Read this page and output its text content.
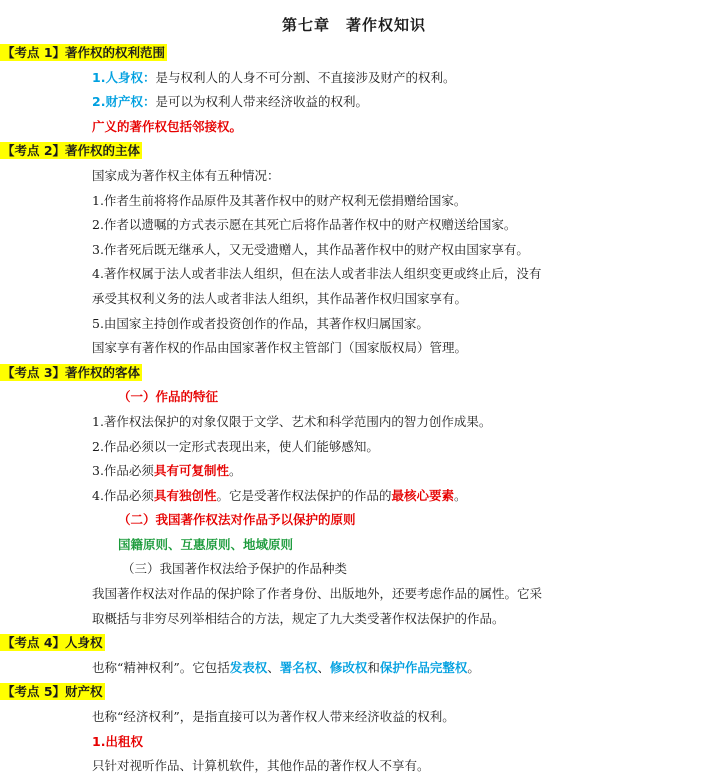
第七章　著作权知识
【考点 1】著作权的权利范围
1.人身权：是与权利人的人身不可分割、不直接涉及财产的权利。
2.财产权：是可以为权利人带来经济收益的权利。
广义的著作权包括邻接权。
【考点 2】著作权的主体
国家成为著作权主体有五种情况：
1.作者生前将将作品原件及其著作权中的财产权利无偿捐赠给国家。
2.作者以遗嘱的方式表示愿在其死亡后将作品著作权中的财产权赠送给国家。
3.作者死后既无继承人，又无受遗赠人，其作品著作权中的财产权由国家享有。
4.著作权属于法人或者非法人组织，但在法人或者非法人组织变更或终止后，没有
承受其权利义务的法人或者非法人组织，其作品著作权归国家享有。
5.由国家主持创作或者投资创作的作品，其著作权归属国家。
国家享有著作权的作品由国家著作权主管部门（国家版权局）管理。
【考点 3】著作权的客体
（一）作品的特征
1.著作权法保护的对象仅限于文学、艺术和科学范围内的智力创作成果。
2.作品必须以一定形式表现出来，使人们能够感知。
3.作品必须具有可复制性。
4.作品必须具有独创性。它是受著作权法保护的作品的最核心要素。
（二）我国著作权法对作品予以保护的原则
国籍原则、互惠原则、地域原则
（三）我国著作权法给予保护的作品种类
我国著作权法对作品的保护除了作者身份、出版地外，还要考虑作品的属性。它采
取概括与非穷尽列举相结合的方法，规定了九大类受著作权法保护的作品。
【考点 4】人身权
也称“精神权利”。它包括发表权、署名权、修改权和保护作品完整权。
【考点 5】财产权
也称“经济权利”，是指直接可以为著作权人带来经济收益的权利。
1.出租权
只针对视听作品、计算机软件，其他作品的著作权人不享有。
